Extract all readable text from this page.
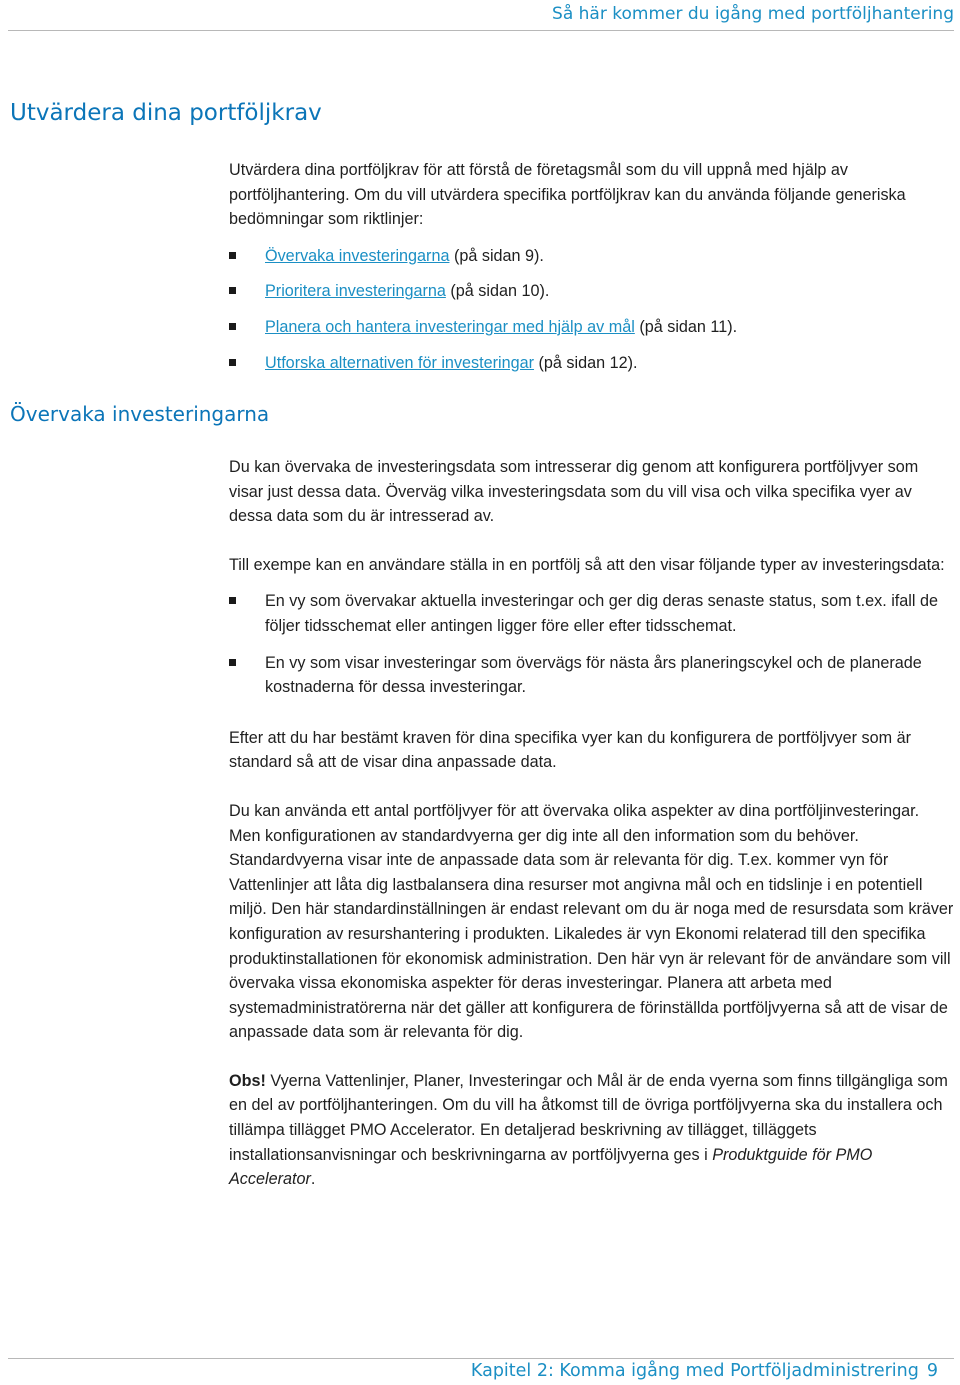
Så här kommer du igång med portföljhantering
Utvärdera dina portföljkrav

Utvärdera dina portföljkrav för att förstå de företagsmål som du vill uppnå med hjälp av portföljhantering. Om du vill utvärdera specifika portföljkrav kan du använda följande generiska bedömningar som riktlinjer:

Övervaka investeringarna (på sidan 9).
Prioritera investeringarna (på sidan 10).
Planera och hantera investeringar med hjälp av mål (på sidan 11).
Utforska alternativen för investeringar (på sidan 12).
Övervaka investeringarna

Du kan övervaka de investeringsdata som intresserar dig genom att konfigurera portföljvyer som visar just dessa data. Överväg vilka investeringsdata som du vill visa och vilka specifika vyer av dessa data som du är intresserad av.

Till exempe kan en användare ställa in en portfölj så att den visar följande typer av investeringsdata:

En vy som övervakar aktuella investeringar och ger dig deras senaste status, som t.ex. ifall de följer tidsschemat eller antingen ligger före eller efter tidsschemat.
En vy som visar investeringar som övervägs för nästa års planeringscykel och de planerade kostnaderna för dessa investeringar.

Efter att du har bestämt kraven för dina specifika vyer kan du konfigurera de portföljvyer som är standard så att de visar dina anpassade data.

Du kan använda ett antal portföljvyer för att övervaka olika aspekter av dina portföljinvesteringar. Men konfigurationen av standardvyerna ger dig inte all den information som du behöver. Standardvyerna visar inte de anpassade data som är relevanta för dig. T.ex. kommer vyn för Vattenlinjer att låta dig lastbalansera dina resurser mot angivna mål och en tidslinje i en potentiell miljö. Den här standardinställningen är endast relevant om du är noga med de resursdata som kräver konfiguration av resurshantering i produkten. Likaledes är vyn Ekonomi relaterad till den specifika produktinstallationen för ekonomisk administration. Den här vyn är relevant för de användare som vill övervaka vissa ekonomiska aspekter för deras investeringar. Planera att arbeta med systemadministratörerna när det gäller att konfigurera de förinställda portföljvyerna så att de visar de anpassade data som är relevanta för dig.

Obs! Vyerna Vattenlinjer, Planer, Investeringar och Mål är de enda vyerna som finns tillgängliga som en del av portföljhanteringen. Om du vill ha åtkomst till de övriga portföljvyerna ska du installera och tillämpa tillägget PMO Accelerator. En detaljerad beskrivning av tillägget, tilläggets installationsanvisningar och beskrivningarna av portföljvyerna ges i Produktguide för PMO Accelerator.

Kapitel 2: Komma igång med Portföljadministrering 9
